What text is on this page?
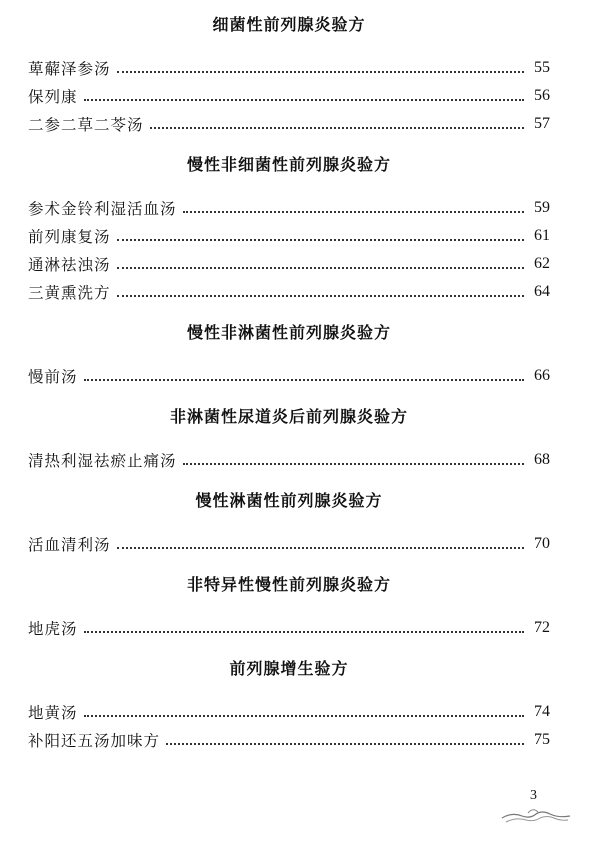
细菌性前列腺炎验方
萆薢泽参汤	55
保列康	56
二参二草二苓汤	57
慢性非细菌性前列腺炎验方
参术金铃利湿活血汤	59
前列康复汤	61
通淋祛浊汤	62
三黄熏洗方	64
慢性非淋菌性前列腺炎验方
慢前汤	66
非淋菌性尿道炎后前列腺炎验方
清热利湿祛瘀止痛汤	68
慢性淋菌性前列腺炎验方
活血清利汤	70
非特异性慢性前列腺炎验方
地虎汤	72
前列腺增生验方
地黄汤	74
补阳还五汤加味方	75
3
